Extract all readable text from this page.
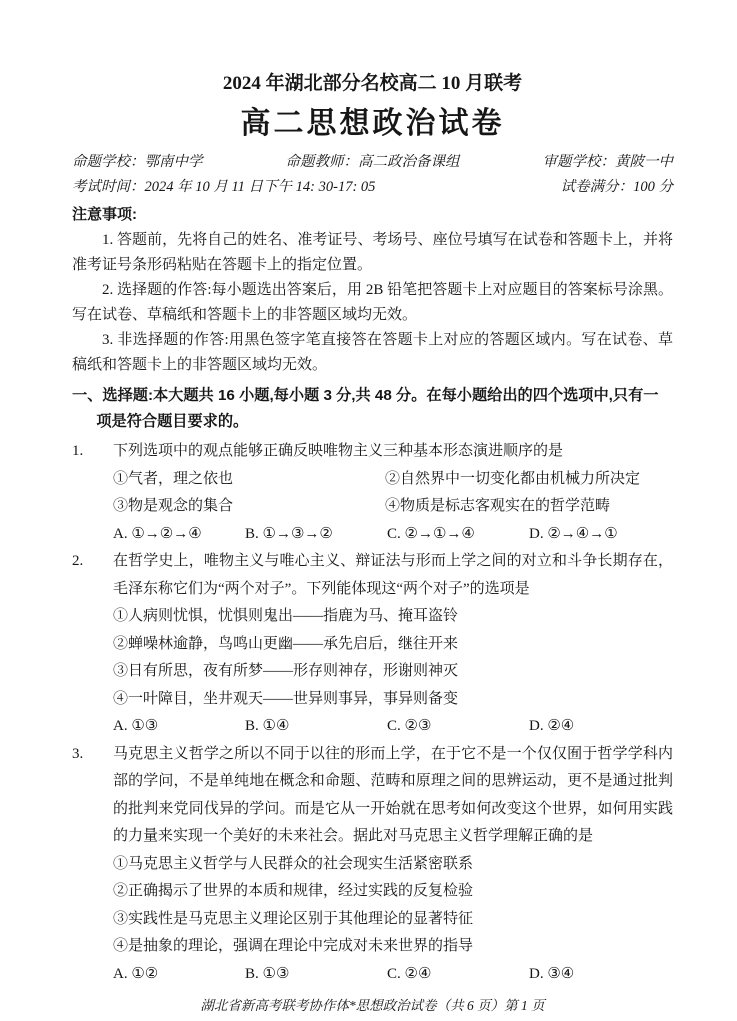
2024 年湖北部分名校高二 10 月联考
高二思想政治试卷
命题学校：鄂南中学	命题教师：高二政治备课组	审题学校：黄陂一中
考试时间：2024 年 10 月 11 日下午 14: 30-17: 05	试卷满分：100 分

注意事项:

1. 答题前，先将自己的姓名、准考证号、考场号、座位号填写在试卷和答题卡上，并将准考证号条形码粘贴在答题卡上的指定位置。

2. 选择题的作答:每小题选出答案后，用 2B 铅笔把答题卡上对应题目的答案标号涂黑。写在试卷、草稿纸和答题卡上的非答题区域均无效。

3. 非选择题的作答:用黑色签字笔直接答在答题卡上对应的答题区域内。写在试卷、草稿纸和答题卡上的非答题区域均无效。

一、选择题:本大题共 16 小题,每小题 3 分,共 48 分。在每小题给出的四个选项中,只有一项是符合题目要求的。

1.	下列选项中的观点能够正确反映唯物主义三种基本形态演进顺序的是

①气者，理之依也	②自然界中一切变化都由机械力所决定
③物是观念的集合	④物质是标志客观实在的哲学范畴
A. ①→②→④	B. ①→③→②	C. ②→①→④	D. ②→④→①
2.	在哲学史上，唯物主义与唯心主义、辩证法与形而上学之间的对立和斗争长期存在，毛泽东称它们为“两个对子”。下列能体现这“两个对子”的选项是

①人病则忧惧，忧惧则鬼出——指鹿为马、掩耳盗铃

②蝉噪林逾静，鸟鸣山更幽——承先启后，继往开来

③日有所思，夜有所梦——形存则神存，形谢则神灭

④一叶障目，坐井观天——世异则事异，事异则备变

A. ①③	B. ①④	C. ②③	D. ②④
3.	马克思主义哲学之所以不同于以往的形而上学，在于它不是一个仅仅囿于哲学学科内部的学问，不是单纯地在概念和命题、范畴和原理之间的思辨运动，更不是通过批判的批判来党同伐异的学问。而是它从一开始就在思考如何改变这个世界，如何用实践的力量来实现一个美好的未来社会。据此对马克思主义哲学理解正确的是

①马克思主义哲学与人民群众的社会现实生活紧密联系

②正确揭示了世界的本质和规律，经过实践的反复检验

③实践性是马克思主义理论区别于其他理论的显著特征

④是抽象的理论，强调在理论中完成对未来世界的指导

A. ①②	B. ①③	C. ②④	D. ③④

湖北省新高考联考协作体*思想政治试卷（共 6 页）第 1 页
